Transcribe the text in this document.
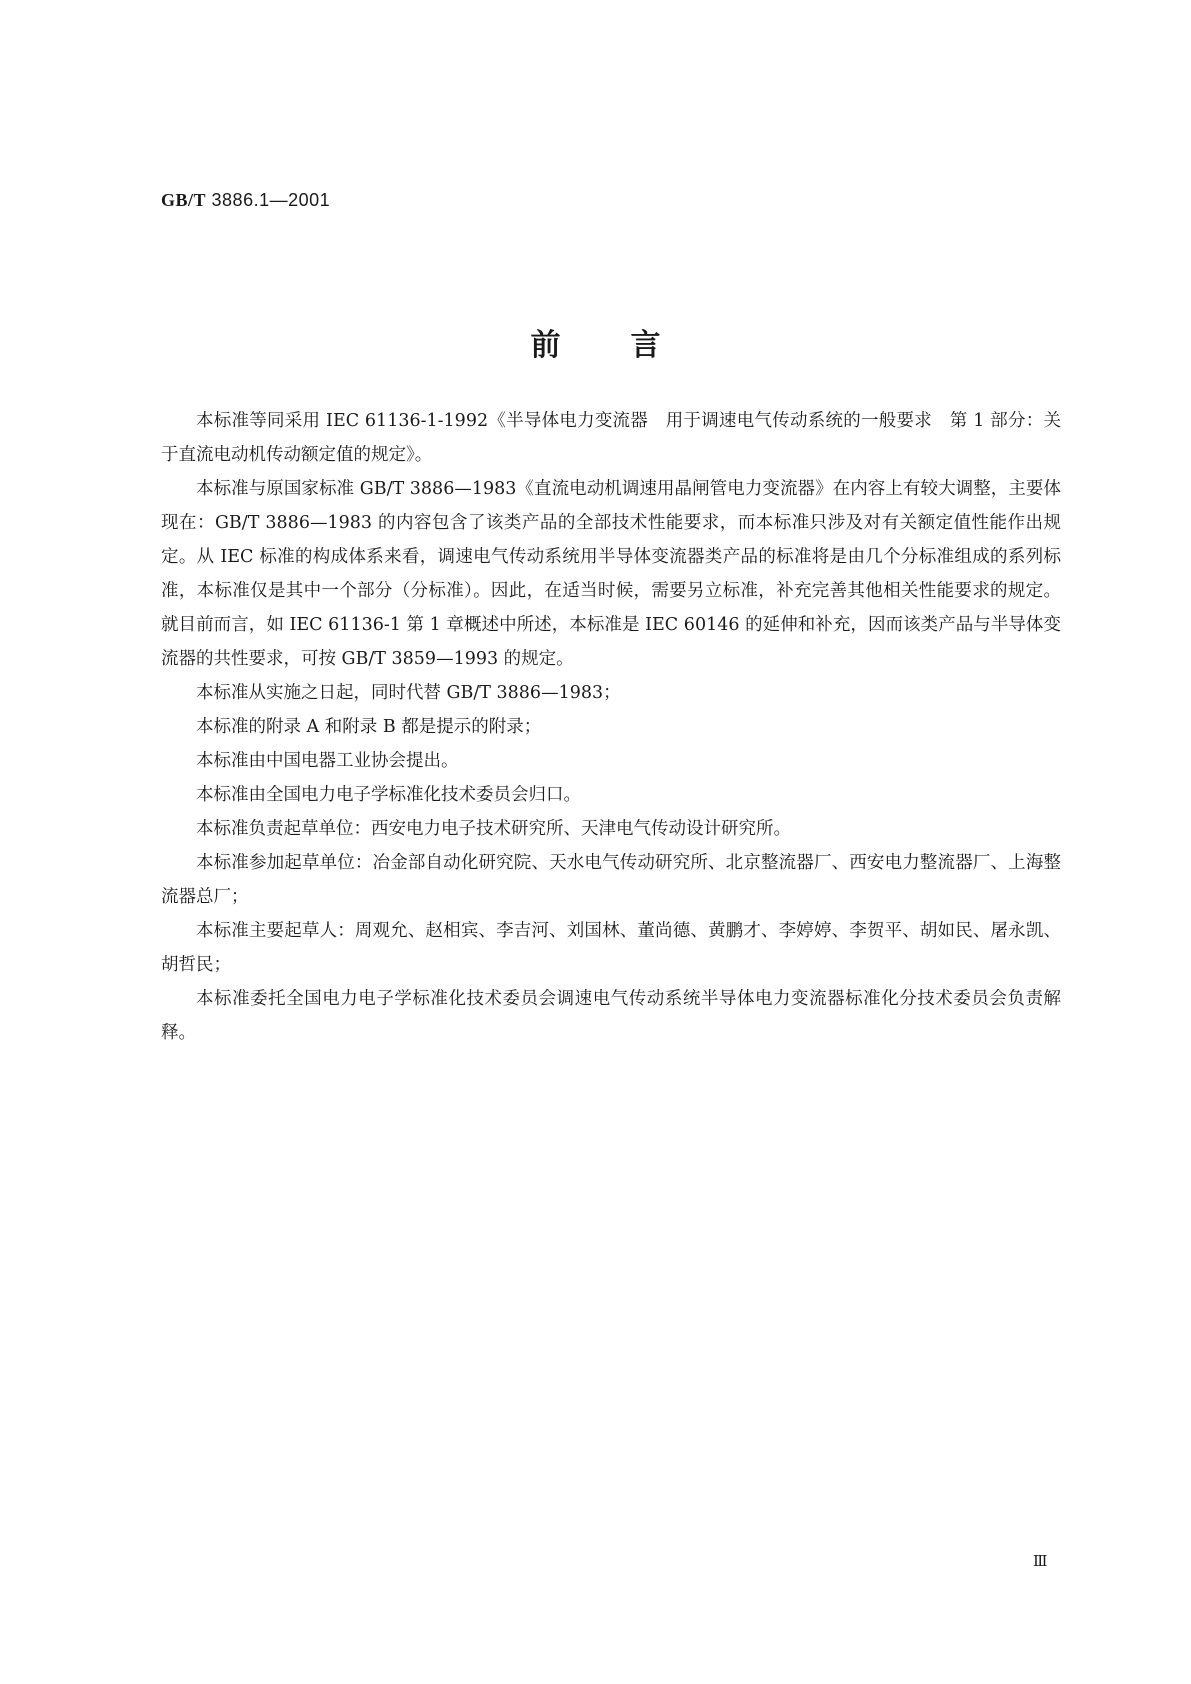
GB/T 3886.1—2001
前言

本标准等同采用 IEC 61136-1-1992《半导体电力变流器　用于调速电气传动系统的一般要求　第 1 部分：关于直流电动机传动额定值的规定》。

本标准与原国家标准 GB/T 3886—1983《直流电动机调速用晶闸管电力变流器》在内容上有较大调整，主要体现在：GB/T 3886—1983 的内容包含了该类产品的全部技术性能要求，而本标准只涉及对有关额定值性能作出规定。从 IEC 标准的构成体系来看，调速电气传动系统用半导体变流器类产品的标准将是由几个分标准组成的系列标准，本标准仅是其中一个部分（分标准）。因此，在适当时候，需要另立标准，补充完善其他相关性能要求的规定。就目前而言，如 IEC 61136-1 第 1 章概述中所述，本标准是 IEC 60146 的延伸和补充，因而该类产品与半导体变流器的共性要求，可按 GB/T 3859—1993 的规定。

本标准从实施之日起，同时代替 GB/T 3886—1983；

本标准的附录 A 和附录 B 都是提示的附录；

本标准由中国电器工业协会提出。

本标准由全国电力电子学标准化技术委员会归口。

本标准负责起草单位：西安电力电子技术研究所、天津电气传动设计研究所。

本标准参加起草单位：冶金部自动化研究院、天水电气传动研究所、北京整流器厂、西安电力整流器厂、上海整流器总厂；

本标准主要起草人：周观允、赵相宾、李吉河、刘国林、董尚德、黄鹏才、李婷婷、李贺平、胡如民、屠永凯、胡哲民；

本标准委托全国电力电子学标准化技术委员会调速电气传动系统半导体电力变流器标准化分技术委员会负责解释。

Ⅲ
